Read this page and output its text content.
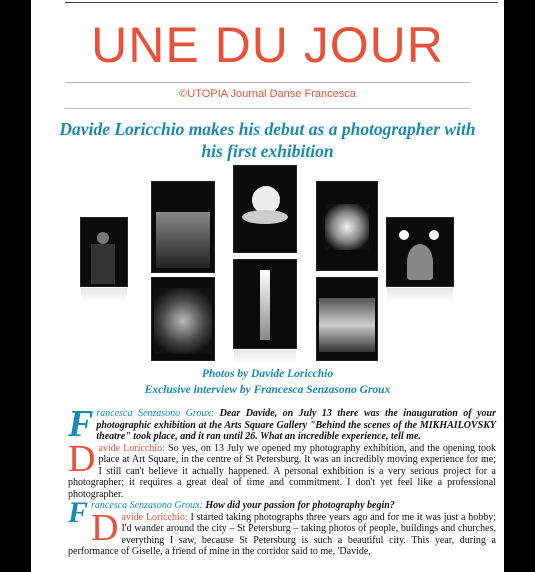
UNE DU JOUR
©UTOPIA Journal Danse Francesca
Davide Loricchio makes his debut as a photographer with his first exhibition
Photos by Davide Loricchio
Exclusive interview by Francesca Senzasono Groux

Francesca Senzasono Groux: Dear Davide, on July 13 there was the inauguration of your photographic exhibition at the Arts Square Gallery "Behind the scenes of the MIKHAILOVSKY theatre" took place, and it ran until 26. What an incredible experience, tell me.

Davide Loricchio: So yes, on 13 July we opened my photography exhibition, and the opening took place at Art Square, in the centre of St Petersburg. It was an incredibly moving experience for me; I still can't believe it actually happened. A personal exhibition is a very serious project for a photographer; it requires a great deal of time and commitment. I don't yet feel like a professional photographer.

Francesca Senzasono Groux: How did your passion for photography begin?

Davide Loricchio: I started taking photographs three years ago and for me it was just a hobby; I'd wander around the city – St Petersburg – taking photos of people, buildings and churches, everything I saw, because St Petersburg is such a beautiful city. This year, during a performance of Giselle, a friend of mine in the corridor said to me, 'Davide,
